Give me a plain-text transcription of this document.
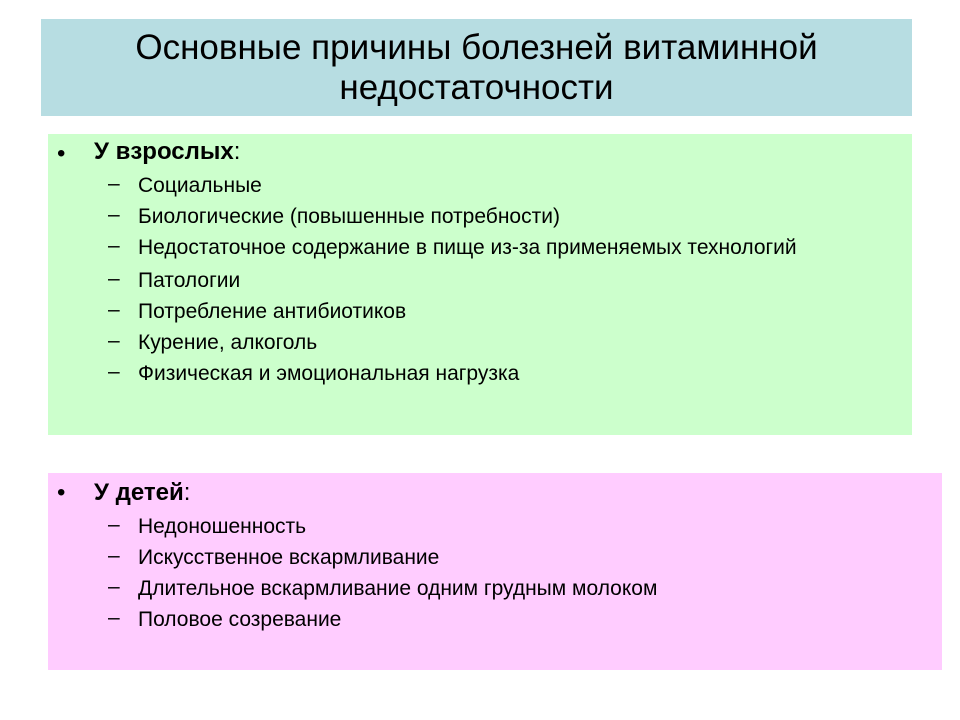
Основные причины болезней витаминной
недостаточности
• У взрослых:
– Социальные
– Биологические (повышенные потребности)
– Недостаточное содержание в пище из-за применяемых технологий
– Патологии
– Потребление антибиотиков
– Курение, алкоголь
– Физическая и эмоциональная нагрузка
• У детей:
– Недоношенность
– Искусственное вскармливание
– Длительное вскармливание одним грудным молоком
– Половое созревание
